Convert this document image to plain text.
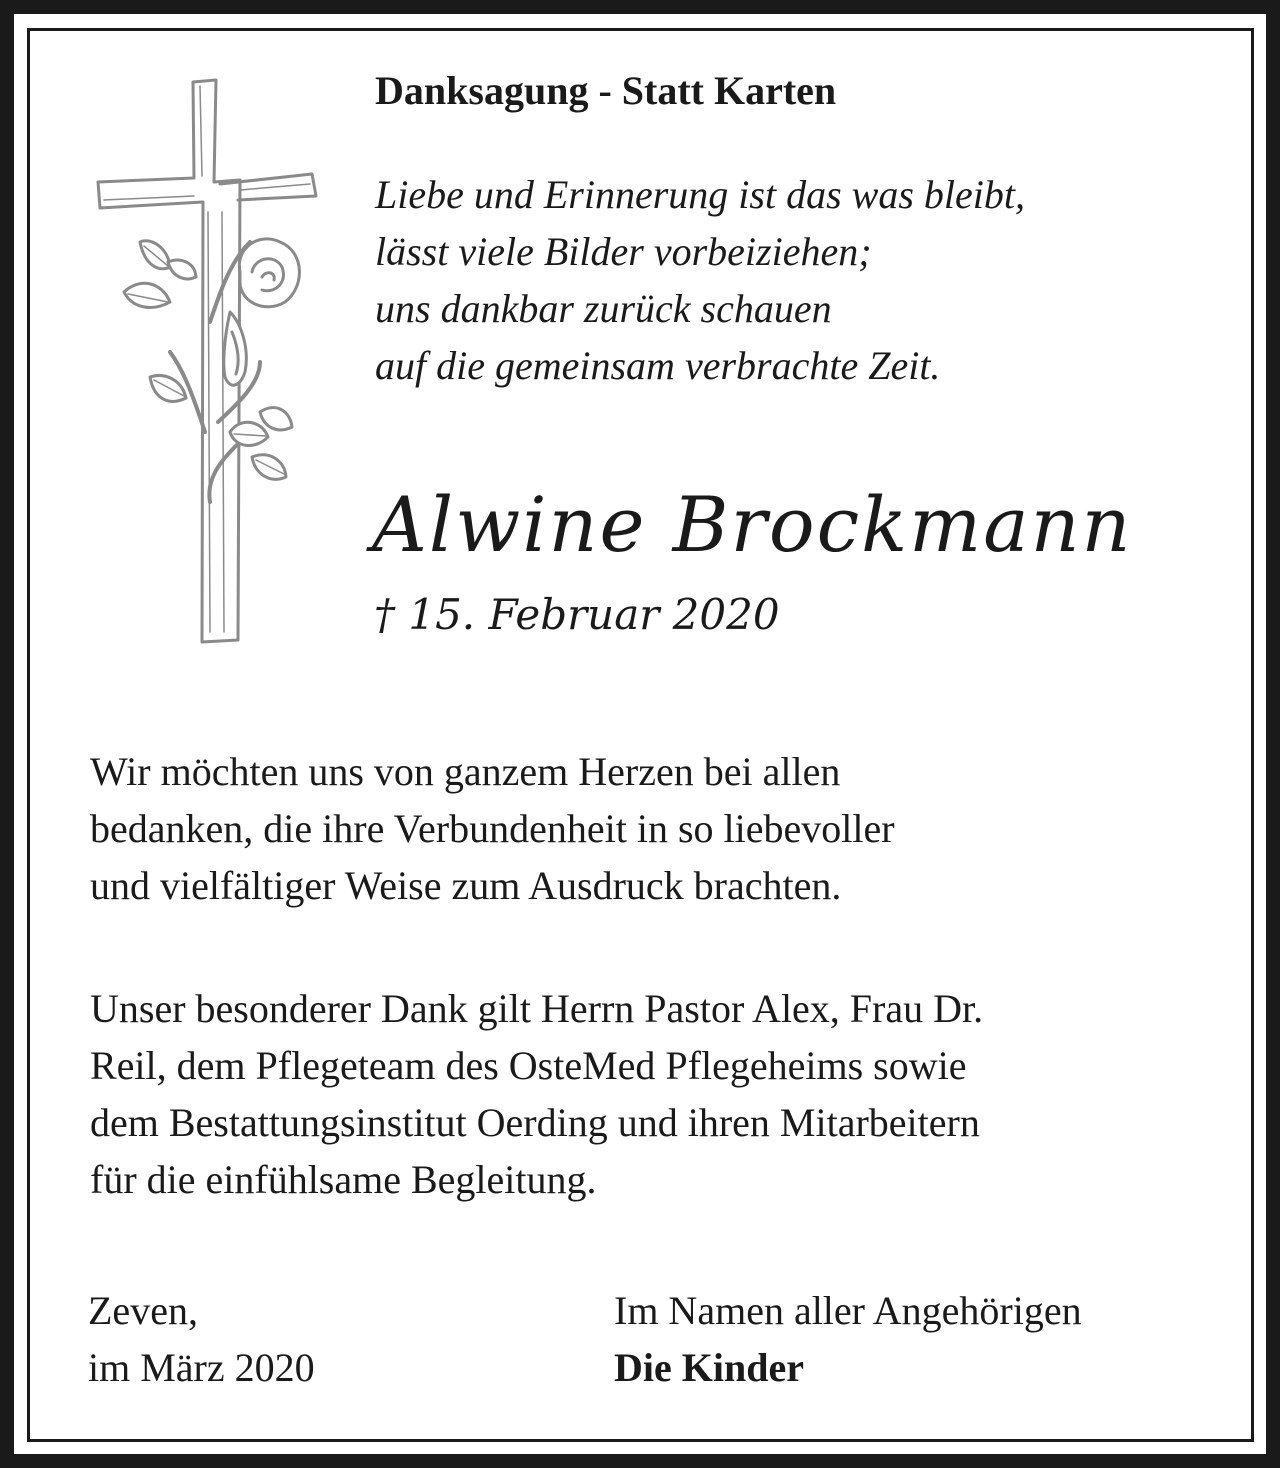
Danksagung - Statt Karten
Liebe und Erinnerung ist das was bleibt,
lässt viele Bilder vorbeiziehen;
uns dankbar zurück schauen
auf die gemeinsam verbrachte Zeit.
Alwine Brockmann
† 15. Februar 2020
Wir möchten uns von ganzem Herzen bei allen
bedanken, die ihre Verbundenheit in so liebevoller
und vielfältiger Weise zum Ausdruck brachten.
Unser besonderer Dank gilt Herrn Pastor Alex, Frau Dr.
Reil, dem Pflegeteam des OsteMed Pflegeheims sowie
dem Bestattungsinstitut Oerding und ihren Mitarbeitern
für die einfühlsame Begleitung.
Zeven,
im März 2020
Im Namen aller Angehörigen
Die Kinder
